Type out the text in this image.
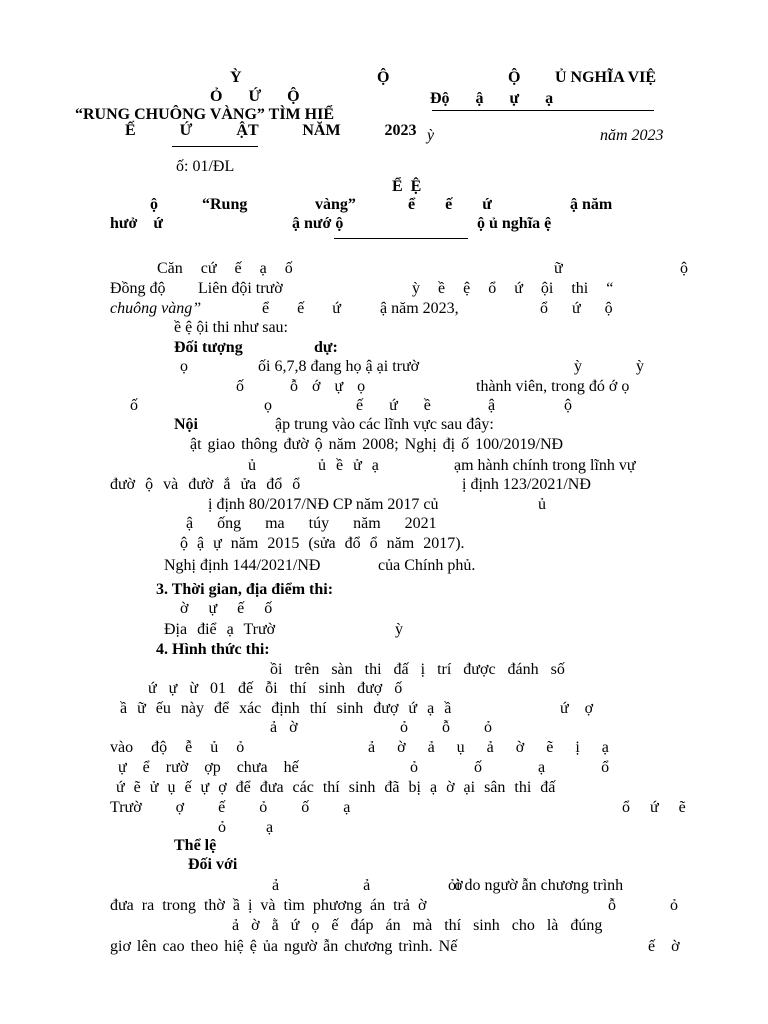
Ỳ
Ỏ Ứ Ộ
“RUNG CHUÔNG VÀNG” TÌM HIỂ
Ế Ứ ẬT NĂM 2023
Ộ	Ộ Ủ NGHĨA VIỆ
Độ ậ ự ạ
ố: 01/ĐL
ỳ	năm 2023
Ể Ệ
ộ	“Rung	vàng”	ể ế ứ	ậ năm
hưở ứ	ậ nướ ộ	ộ ủ nghĩa ệ
Căn cứ ế ạ ố	ữ	ộ
Đồng độ Liên đội trườ	ỳ ề ệ ổ ứ ội thi “
chuông vàng”	ể ế ứ ậ năm 2023,	ổ ứ ộ
ề ệ ội thi như sau:
Đối tượng	dự:
ọ	ối 6,7,8 đang họ ậ ại trườ	ỳ	ỳ
ố	ỗ ớ ự ọ	thành viên, trong đó ớ ọ
ố	ọ	ế ứ ề	ậ	ộ
Nội	ập trung vào các lĩnh vực sau đây:
ật giao thông đườ ộ năm 2008; Nghị đị ố 100/2019/NĐ
ủ	ủ ề ử ạ	ạm hành chính trong lĩnh vự
đườ ộ và đườ ắ ửa đổ ổ	ị định 123/2021/NĐ
ị định 80/2017/NĐ CP năm 2017 củ	ủ
ậ ống ma túy năm 2021
ộ ậ ự năm 2015 (sửa đổ ổ năm 2017).
Nghị định 144/2021/NĐ	của Chính phủ.
3. Thời gian, địa điểm thi:
ờ ự ế ố
Địa điể ạ Trườ	ỳ
4. Hình thức thi:
ồi trên sàn thi đấ ị trí được đánh số
ứ ự ừ 01 đế ỗi thí sinh đượ ố
ầ ữ ếu này để xác định thí sinh đượ ứ ạ ầ	ứ ợ
ả ờ	ỏ ỗ ỏ
vào độ ễ ủ ỏ	ả ờ ả ụ ả ờ ẽ ị ạ
ự ể rườ ợp chưa hế	ỏ ố ạ ổ
ứ ẽ ử ụ ế ự ợ để đưa các thí sinh đã bị ạ ờ ại sân thi đấ
Trườ ợ ế ỏ ố ạ	ổ ứ ẽ
ỏ ạ
Thể lệ
Đối với
ả ả ờ
ỏi do ngườ ẫn chương trình
đưa ra trong thờ ầ ị và tìm phương án trả ờ	ỗ ỏ
ả ờ ằ ứ ọ ế đáp án mà thí sinh cho là đúng
giơ lên cao theo hiệ ệ ủa ngườ ẫn chương trình. Nế	ế ờ
